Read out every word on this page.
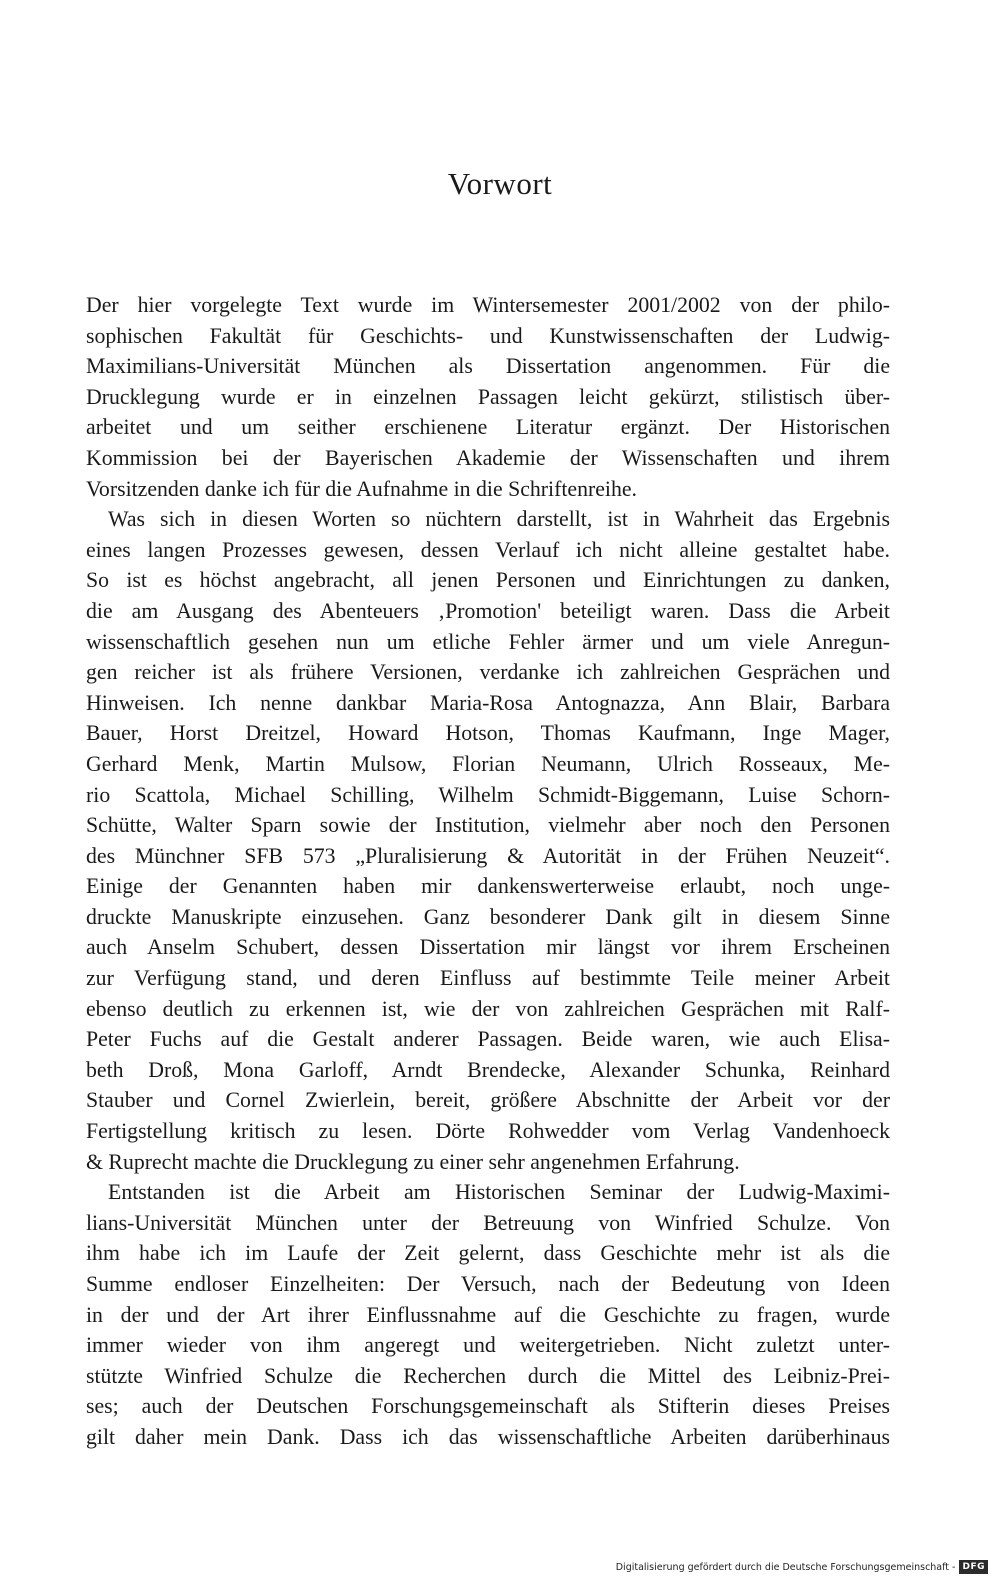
Vorwort
Der hier vorgelegte Text wurde im Wintersemester 2001/2002 von der philo-
sophischen Fakultät für Geschichts- und Kunstwissenschaften der Ludwig-
Maximilians-Universität München als Dissertation angenommen. Für die
Drucklegung wurde er in einzelnen Passagen leicht gekürzt, stilistisch über-
arbeitet und um seither erschienene Literatur ergänzt. Der Historischen
Kommission bei der Bayerischen Akademie der Wissenschaften und ihrem
Vorsitzenden danke ich für die Aufnahme in die Schriftenreihe.
Was sich in diesen Worten so nüchtern darstellt, ist in Wahrheit das Ergebnis
eines langen Prozesses gewesen, dessen Verlauf ich nicht alleine gestaltet habe.
So ist es höchst angebracht, all jenen Personen und Einrichtungen zu danken,
die am Ausgang des Abenteuers ‚Promotion' beteiligt waren. Dass die Arbeit
wissenschaftlich gesehen nun um etliche Fehler ärmer und um viele Anregun-
gen reicher ist als frühere Versionen, verdanke ich zahlreichen Gesprächen und
Hinweisen. Ich nenne dankbar Maria-Rosa Antognazza, Ann Blair, Barbara
Bauer, Horst Dreitzel, Howard Hotson, Thomas Kaufmann, Inge Mager,
Gerhard Menk, Martin Mulsow, Florian Neumann, Ulrich Rosseaux, Me-
rio Scattola, Michael Schilling, Wilhelm Schmidt-Biggemann, Luise Schorn-
Schütte, Walter Sparn sowie der Institution, vielmehr aber noch den Personen
des Münchner SFB 573 „Pluralisierung & Autorität in der Frühen Neuzeit“.
Einige der Genannten haben mir dankenswerterweise erlaubt, noch unge-
druckte Manuskripte einzusehen. Ganz besonderer Dank gilt in diesem Sinne
auch Anselm Schubert, dessen Dissertation mir längst vor ihrem Erscheinen
zur Verfügung stand, und deren Einfluss auf bestimmte Teile meiner Arbeit
ebenso deutlich zu erkennen ist, wie der von zahlreichen Gesprächen mit Ralf-
Peter Fuchs auf die Gestalt anderer Passagen. Beide waren, wie auch Elisa-
beth Droß, Mona Garloff, Arndt Brendecke, Alexander Schunka, Reinhard
Stauber und Cornel Zwierlein, bereit, größere Abschnitte der Arbeit vor der
Fertigstellung kritisch zu lesen. Dörte Rohwedder vom Verlag Vandenhoeck
& Ruprecht machte die Drucklegung zu einer sehr angenehmen Erfahrung.
Entstanden ist die Arbeit am Historischen Seminar der Ludwig-Maximi-
lians-Universität München unter der Betreuung von Winfried Schulze. Von
ihm habe ich im Laufe der Zeit gelernt, dass Geschichte mehr ist als die
Summe endloser Einzelheiten: Der Versuch, nach der Bedeutung von Ideen
in der und der Art ihrer Einflussnahme auf die Geschichte zu fragen, wurde
immer wieder von ihm angeregt und weitergetrieben. Nicht zuletzt unter-
stützte Winfried Schulze die Recherchen durch die Mittel des Leibniz-Prei-
ses; auch der Deutschen Forschungsgemeinschaft als Stifterin dieses Preises
gilt daher mein Dank. Dass ich das wissenschaftliche Arbeiten darüberhinaus
Digitalisierung gefördert durch die Deutsche Forschungsgemeinschaft - DFG
